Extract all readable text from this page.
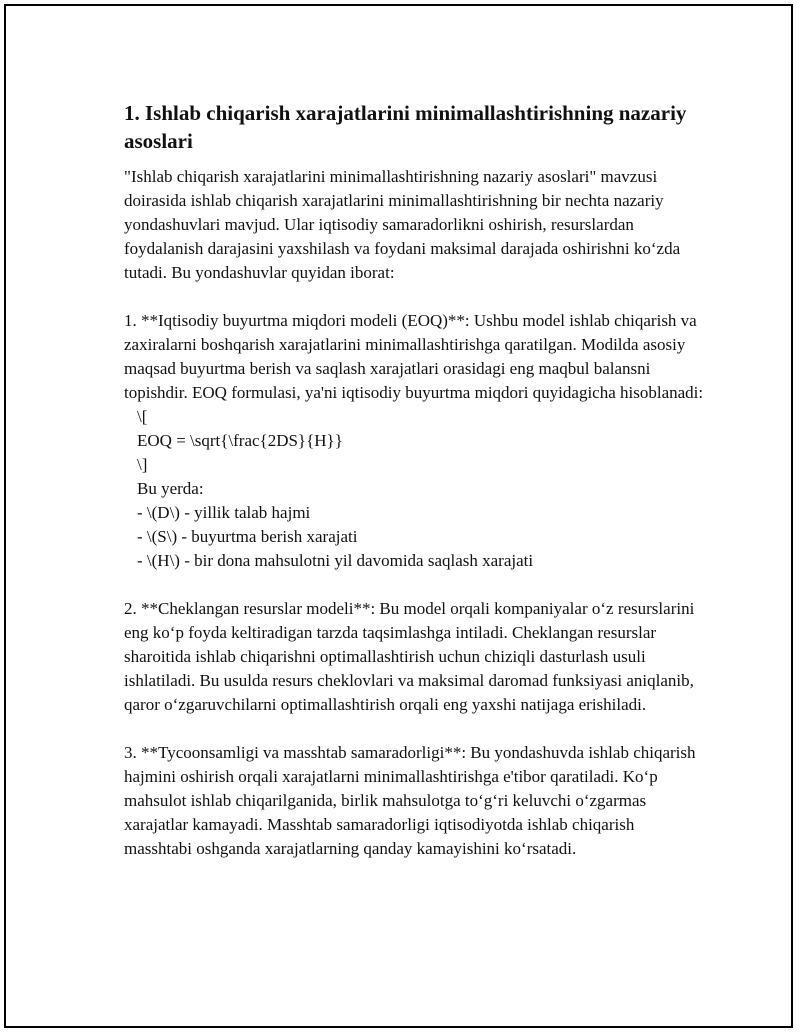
1. Ishlab chiqarish xarajatlarini minimallashtirishning nazariy asoslari

"Ishlab chiqarish xarajatlarini minimallashtirishning nazariy asoslari" mavzusi doirasida ishlab chiqarish xarajatlarini minimallashtirishning bir nechta nazariy yondashuvlari mavjud. Ular iqtisodiy samaradorlikni oshirish, resurslardan foydalanish darajasini yaxshilash va foydani maksimal darajada oshirishni ko‘zda tutadi. Bu yondashuvlar quyidan iborat:

1. **Iqtisodiy buyurtma miqdori modeli (EOQ)**: Ushbu model ishlab chiqarish va zaxiralarni boshqarish xarajatlarini minimallashtirishga qaratilgan. Modilda asosiy maqsad buyurtma berish va saqlash xarajatlari orasidagi eng maqbul balansni topishdir. EOQ formulasi, ya'ni iqtisodiy buyurtma miqdori quyidagicha hisoblanadi:

\[

EOQ = \sqrt{\frac{2DS}{H}}

\]

Bu yerda:

- \(D\) - yillik talab hajmi

- \(S\) - buyurtma berish xarajati

- \(H\) - bir dona mahsulotni yil davomida saqlash xarajati

2. **Cheklangan resurslar modeli**: Bu model orqali kompaniyalar o‘z resurslarini eng ko‘p foyda keltiradigan tarzda taqsimlashga intiladi. Cheklangan resurslar sharoitida ishlab chiqarishni optimallashtirish uchun chiziqli dasturlash usuli ishlatiladi. Bu usulda resurs cheklovlari va maksimal daromad funksiyasi aniqlanib, qaror o‘zgaruvchilarni optimallashtirish orqali eng yaxshi natijaga erishiladi.

3. **Tycoonsamligi va masshtab samaradorligi**: Bu yondashuvda ishlab chiqarish hajmini oshirish orqali xarajatlarni minimallashtirishga e'tibor qaratiladi. Ko‘p mahsulot ishlab chiqarilganida, birlik mahsulotga to‘g‘ri keluvchi o‘zgarmas xarajatlar kamayadi. Masshtab samaradorligi iqtisodiyotda ishlab chiqarish masshtabi oshganda xarajatlarning qanday kamayishini ko‘rsatadi.
